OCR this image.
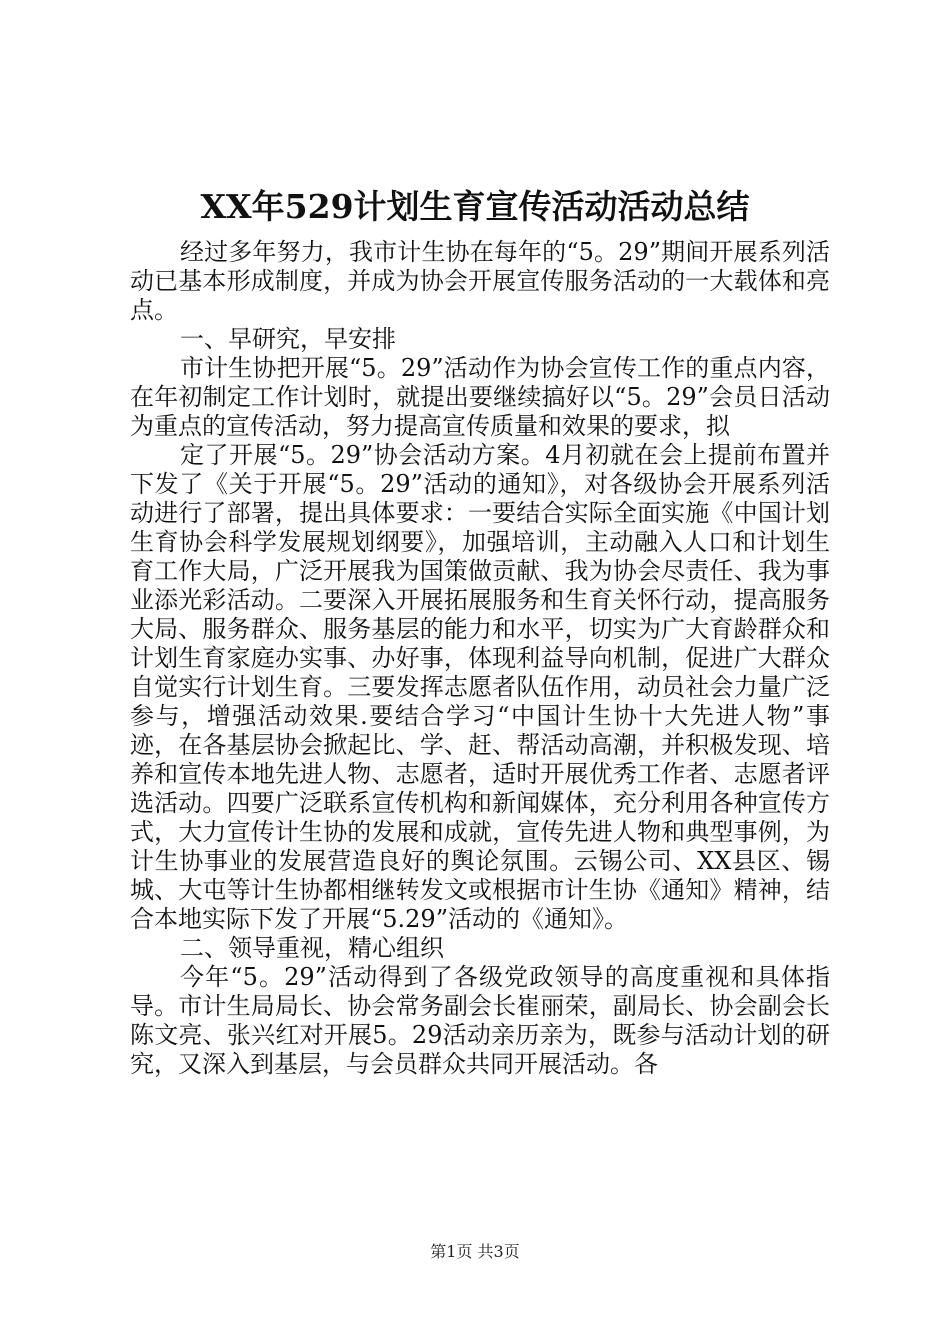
XX年529计划生育宣传活动活动总结

经过多年努力，我市计生协在每年的“5。29”期间开展系列活动已基本形成制度，并成为协会开展宣传服务活动的一大载体和亮点。

一、早研究，早安排

市计生协把开展“5。29”活动作为协会宣传工作的重点内容，在年初制定工作计划时，就提出要继续搞好以“5。29”会员日活动为重点的宣传活动，努力提高宣传质量和效果的要求，拟

定了开展“5。29”协会活动方案。4月初就在会上提前布置并下发了《关于开展“5。29”活动的通知》，对各级协会开展系列活动进行了部署，提出具体要求：一要结合实际全面实施《中国计划生育协会科学发展规划纲要》，加强培训，主动融入人口和计划生育工作大局，广泛开展我为国策做贡献、我为协会尽责任、我为事业添光彩活动。二要深入开展拓展服务和生育关怀行动，提高服务大局、服务群众、服务基层的能力和水平，切实为广大育龄群众和计划生育家庭办实事、办好事，体现利益导向机制，促进广大群众自觉实行计划生育。三要发挥志愿者队伍作用，动员社会力量广泛参与，增强活动效果.要结合学习“中国计生协十大先进人物”事迹，在各基层协会掀起比、学、赶、帮活动高潮，并积极发现、培养和宣传本地先进人物、志愿者，适时开展优秀工作者、志愿者评选活动。四要广泛联系宣传机构和新闻媒体，充分利用各种宣传方式，大力宣传计生协的发展和成就，宣传先进人物和典型事例，为计生协事业的发展营造良好的舆论氛围。云锡公司、XX县区、锡城、大屯等计生协都相继转发文或根据市计生协《通知》精神，结合本地实际下发了开展“5.29”活动的《通知》。

二、领导重视，精心组织

今年“5。29”活动得到了各级党政领导的高度重视和具体指导。市计生局局长、协会常务副会长崔丽荣，副局长、协会副会长陈文亮、张兴红对开展5。29活动亲历亲为，既参与活动计划的研究，又深入到基层，与会员群众共同开展活动。各

第1页 共3页
